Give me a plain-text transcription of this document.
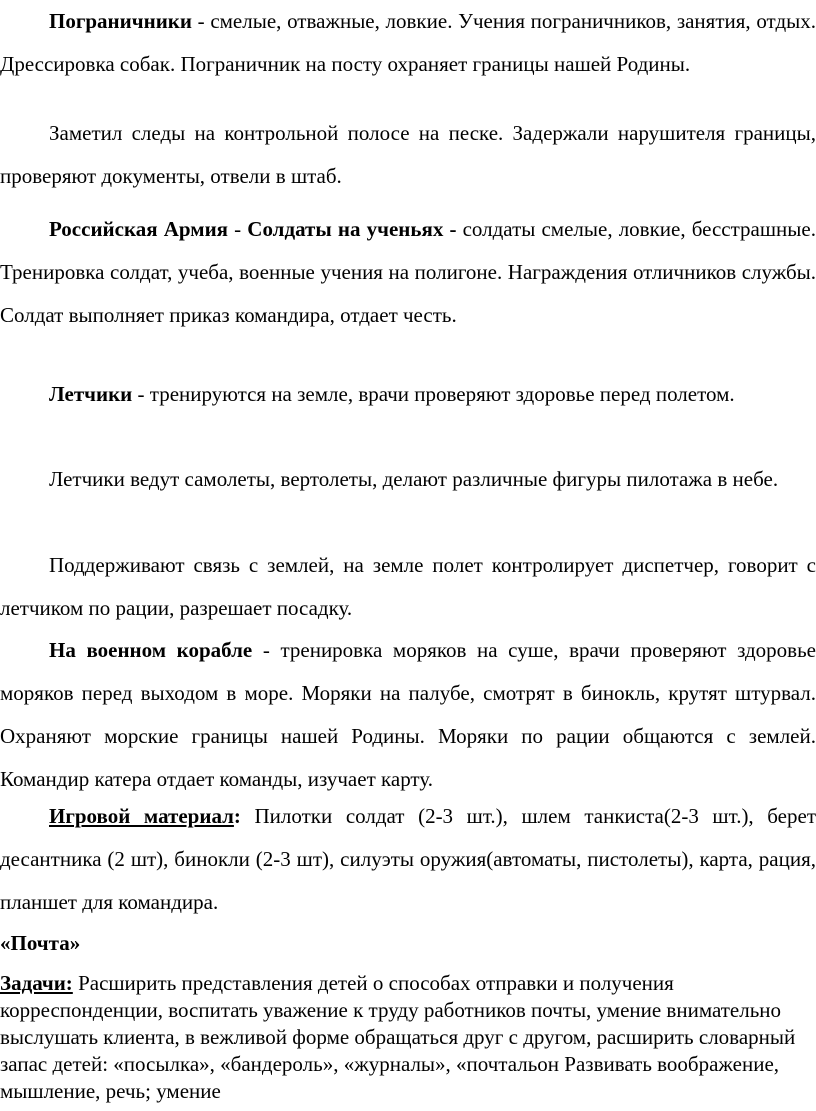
Пограничники - смелые, отважные, ловкие. Учения пограничников, занятия, отдых. Дрессировка собак. Пограничник на посту охраняет границы нашей Родины.

Заметил следы на контрольной полосе на песке. Задержали нарушителя границы, проверяют документы, отвели в штаб.

Российская Армия - Солдаты на ученьях - солдаты смелые, ловкие, бесстрашные. Тренировка солдат, учеба, военные учения на полигоне. Награждения отличников службы. Солдат выполняет приказ командира, отдает честь.

Летчики - тренируются на земле, врачи проверяют здоровье перед полетом.

Летчики ведут самолеты, вертолеты, делают различные фигуры пилотажа в небе.

Поддерживают связь с землей, на земле полет контролирует диспетчер, говорит с летчиком по рации, разрешает посадку.

На военном корабле - тренировка моряков на суше, врачи проверяют здоровье моряков перед выходом в море. Моряки на палубе, смотрят в бинокль, крутят штурвал. Охраняют морские границы нашей Родины. Моряки по рации общаются с землей. Командир катера отдает команды, изучает карту.

Игровой материал: Пилотки солдат (2-3 шт.), шлем танкиста(2-3 шт.), берет десантника (2 шт), бинокли (2-3 шт), силуэты оружия(автоматы, пистолеты), карта, рация, планшет для командира.

«Почта»

Задачи: Расширить представления детей о способах отправки и получения корреспонденции, воспитать уважение к труду работников почты, умение внимательно выслушать клиента, в вежливой форме обращаться друг с другом, расширить словарный запас детей: «посылка», «бандероль», «журналы», «почтальон Развивать воображение, мышление, речь; умение
